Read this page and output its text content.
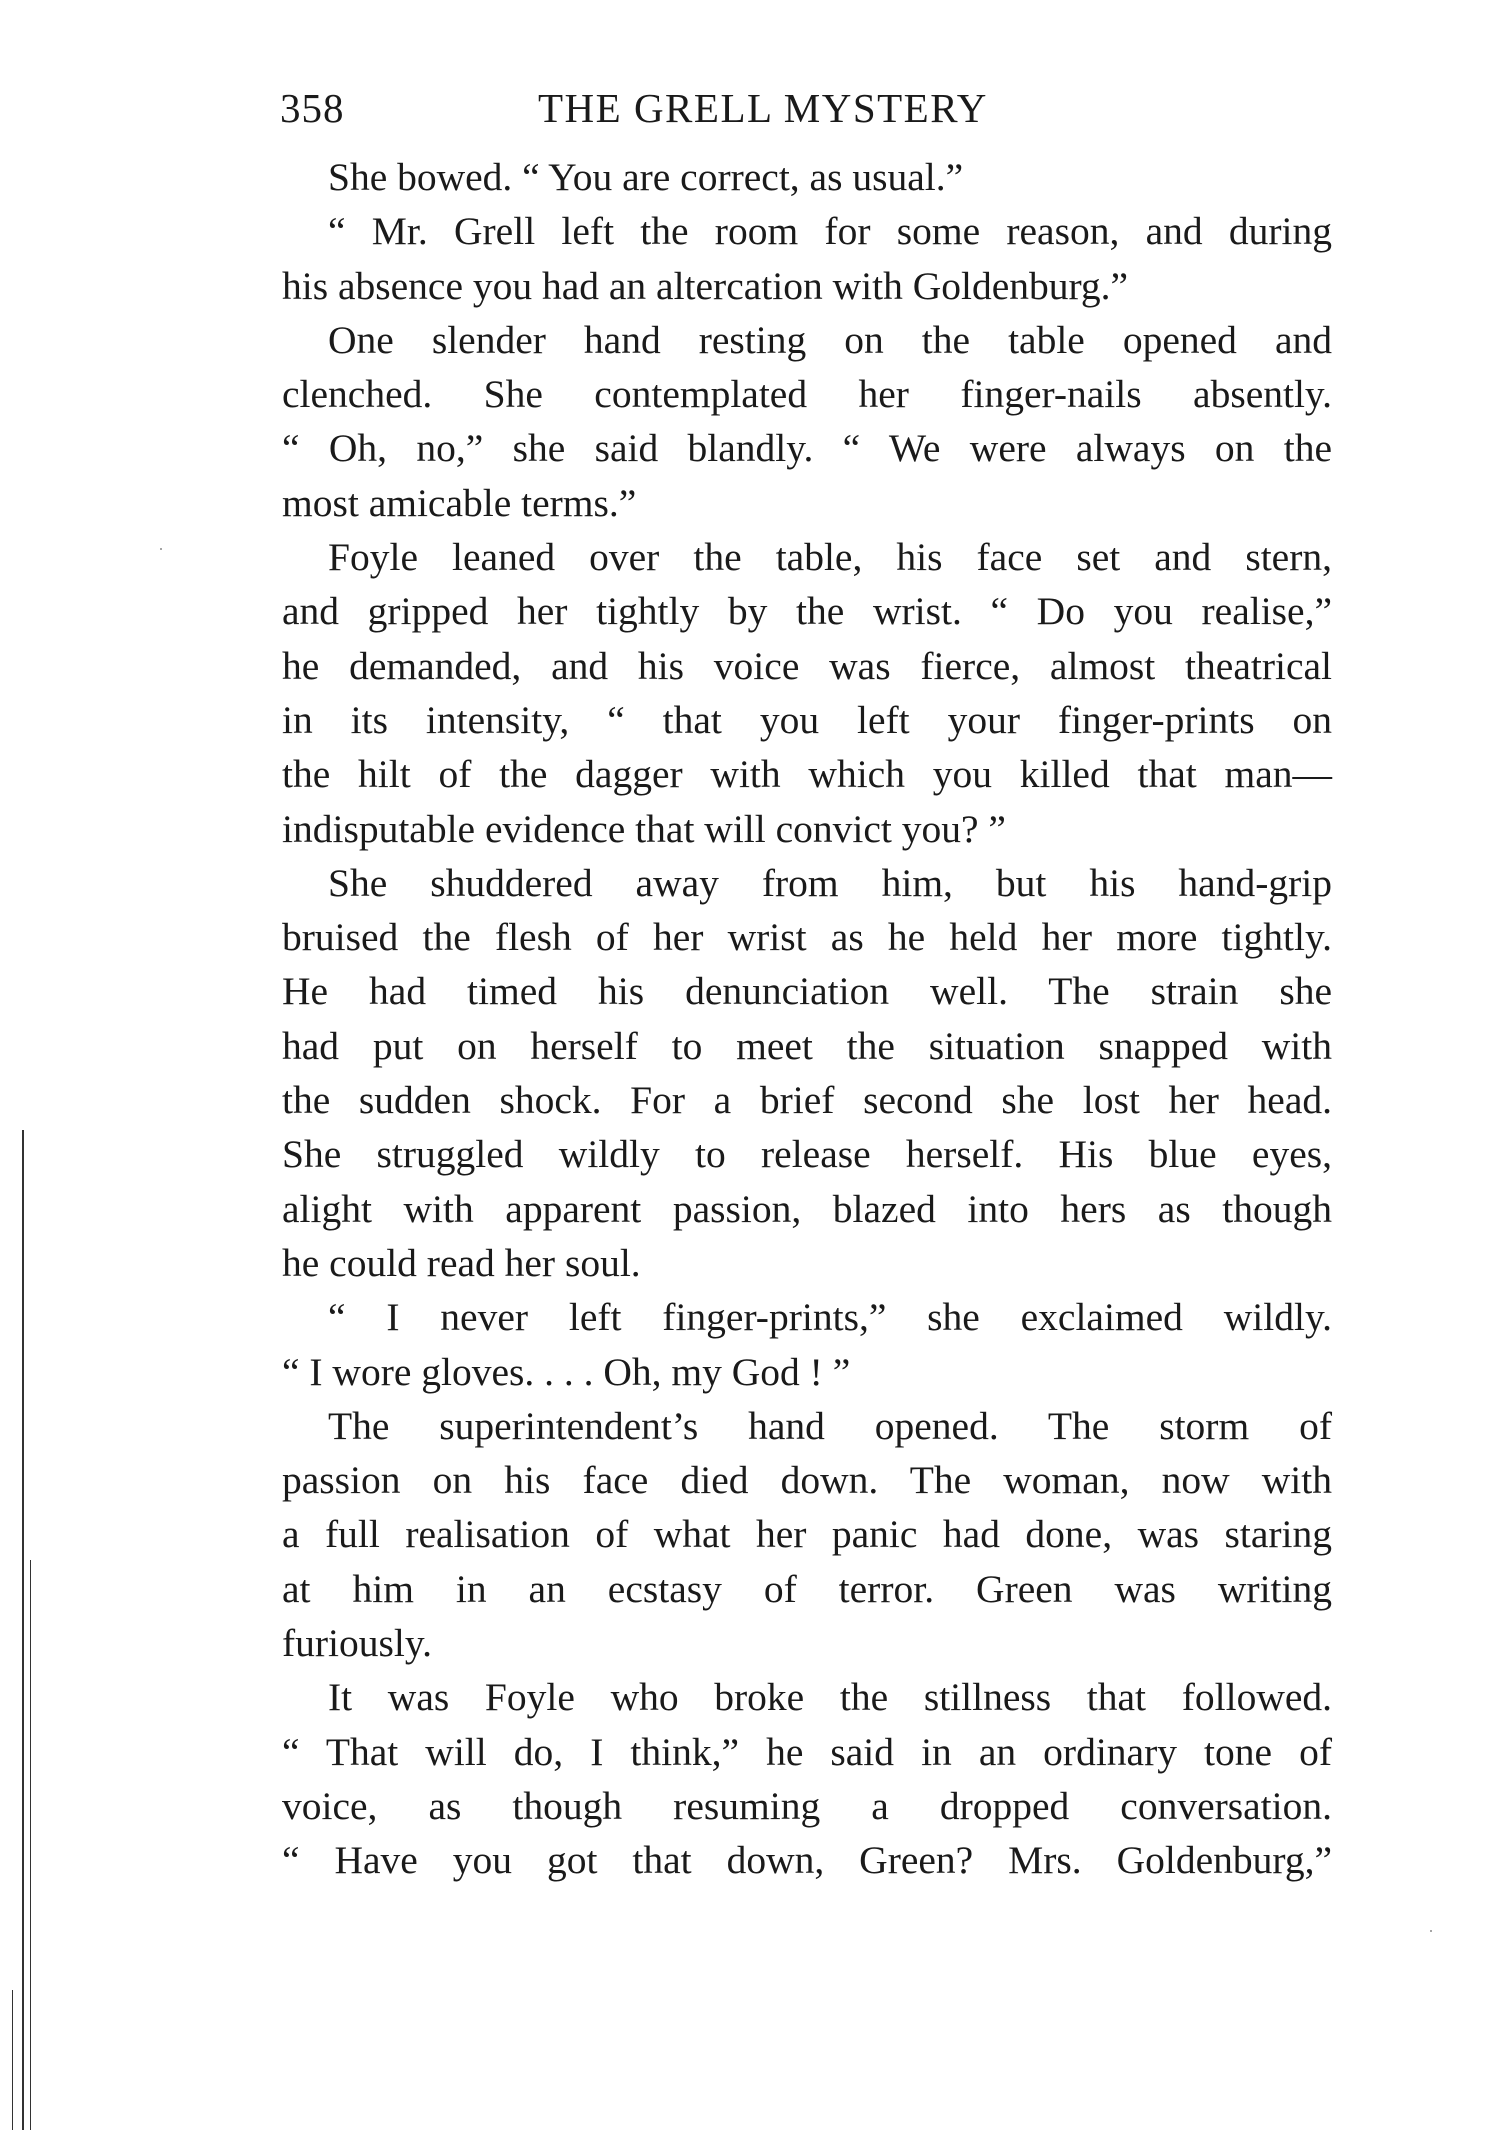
358	THE GRELL MYSTERY
She bowed. “ You are correct, as usual.”
“ Mr. Grell left the room for some reason, and during
his absence you had an altercation with Goldenburg.”
One slender hand resting on the table opened and
clenched. She contemplated her finger-nails absently.
“ Oh, no,” she said blandly. “ We were always on the
most amicable terms.”
Foyle leaned over the table, his face set and stern,
and gripped her tightly by the wrist. “ Do you realise,”
he demanded, and his voice was fierce, almost theatrical
in its intensity, “ that you left your finger-prints on
the hilt of the dagger with which you killed that man—
indisputable evidence that will convict you? ”
She shuddered away from him, but his hand-grip
bruised the flesh of her wrist as he held her more tightly.
He had timed his denunciation well. The strain she
had put on herself to meet the situation snapped with
the sudden shock. For a brief second she lost her head.
She struggled wildly to release herself. His blue eyes,
alight with apparent passion, blazed into hers as though
he could read her soul.
“ I never left finger-prints,” she exclaimed wildly.
“ I wore gloves. . . . Oh, my God ! ”
The superintendent’s hand opened. The storm of
passion on his face died down. The woman, now with
a full realisation of what her panic had done, was staring
at him in an ecstasy of terror. Green was writing
furiously.
It was Foyle who broke the stillness that followed.
“ That will do, I think,” he said in an ordinary tone of
voice, as though resuming a dropped conversation.
“ Have you got that down, Green? Mrs. Goldenburg,”
